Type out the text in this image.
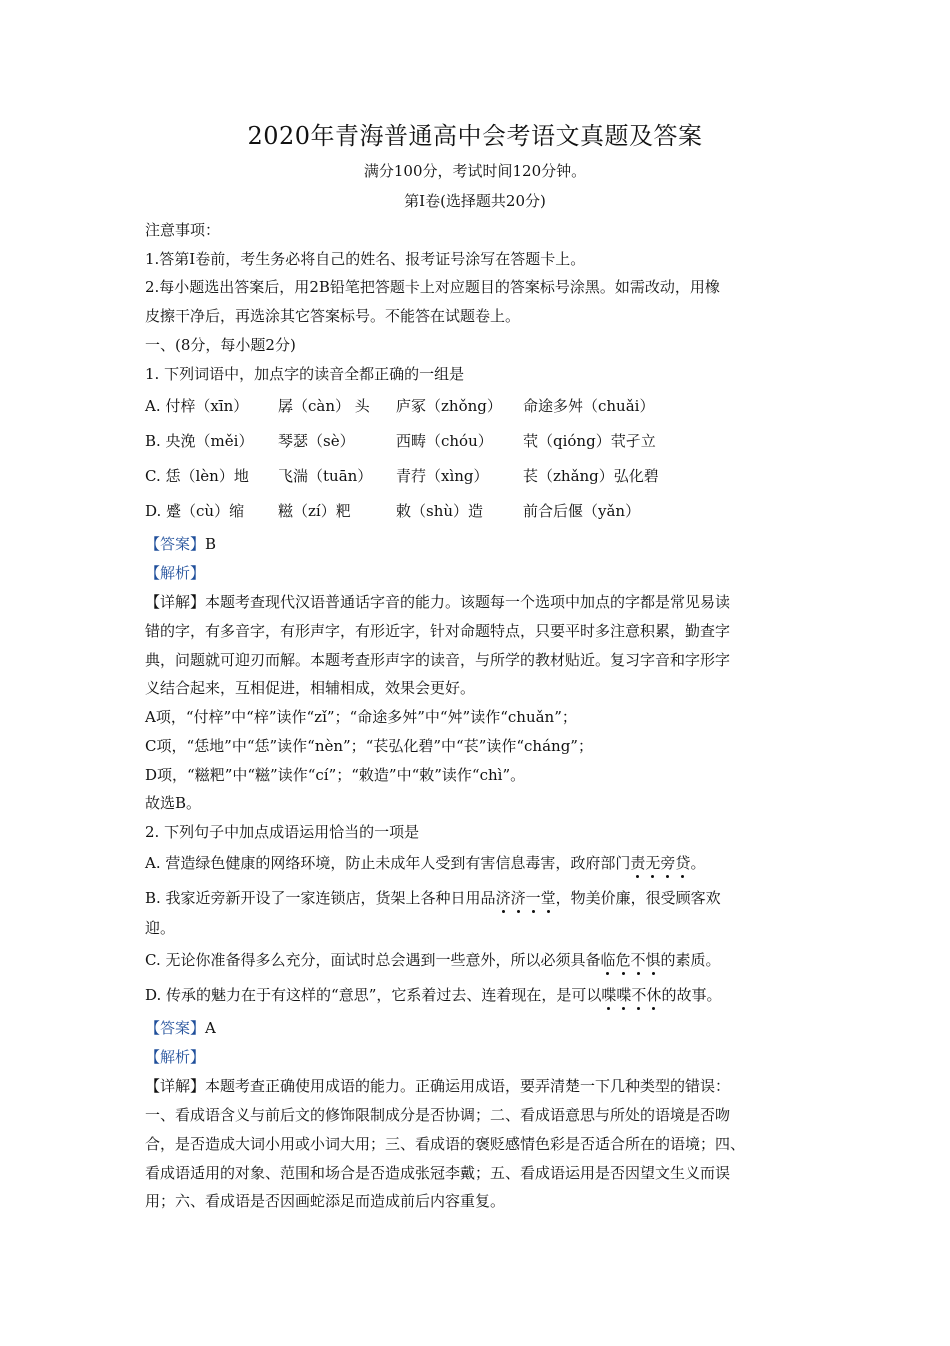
2020年青海普通高中会考语文真题及答案
满分100分，考试时间120分钟。
第Ⅰ卷(选择题共20分)
注意事项：
1.答第Ⅰ卷前，考生务必将自己的姓名、报考证号涂写在答题卡上。
2.每小题选出答案后，用2B铅笔把答题卡上对应题目的答案标号涂黑。如需改动，用橡
皮擦干净后，再选涂其它答案标号。不能答在试题卷上。
一、(8分，每小题2分)
1. 下列词语中，加点字的读音全都正确的一组是
A. 付梓（xīn） 孱（càn） 头 庐冢（zhǒng） 命途多舛（chuǎi）
B. 央浼（měi） 琴瑟（sè）	西畴（chóu） 茕（qióng）茕孑立
C. 恁（lèn）地 飞湍（tuān） 青荇（xìng） 苌（zhǎng）弘化碧
D. 蹙（cù）缩 糍（zí）粑	敕（shù）造	前合后偃（yǎn）
【答案】B
【解析】
【详解】本题考查现代汉语普通话字音的能力。该题每一个选项中加点的字都是常见易读
错的字，有多音字，有形声字，有形近字，针对命题特点，只要平时多注意积累，勤查字
典，问题就可迎刃而解。本题考查形声字的读音，与所学的教材贴近。复习字音和字形字
义结合起来，互相促进，相辅相成，效果会更好。
A项，“付梓”中“梓”读作“zǐ”；“命途多舛”中“舛”读作“chuǎn”；
C项，“恁地”中“恁”读作“nèn”；“苌弘化碧”中“苌”读作“cháng”；
D项，“糍粑”中“糍”读作“cí”；“敕造”中“敕”读作“chì”。
故选B。
2. 下列句子中加点成语运用恰当的一项是
A. 营造绿色健康的网络环境，防止未成年人受到有害信息毒害，政府部门责无旁贷。
B. 我家近旁新开设了一家连锁店，货架上各种日用品济济一堂，物美价廉，很受顾客欢
迎。
C. 无论你准备得多么充分，面试时总会遇到一些意外，所以必须具备临危不惧的素质。
D. 传承的魅力在于有这样的“意思”，它系着过去、连着现在，是可以喋喋不休的故事。
【答案】A
【解析】
【详解】本题考查正确使用成语的能力。正确运用成语，要弄清楚一下几种类型的错误：
一、看成语含义与前后文的修饰限制成分是否协调；二、看成语意思与所处的语境是否吻
合，是否造成大词小用或小词大用；三、看成语的褒贬感情色彩是否适合所在的语境；四、
看成语适用的对象、范围和场合是否造成张冠李戴；五、看成语运用是否因望文生义而误
用；六、看成语是否因画蛇添足而造成前后内容重复。
